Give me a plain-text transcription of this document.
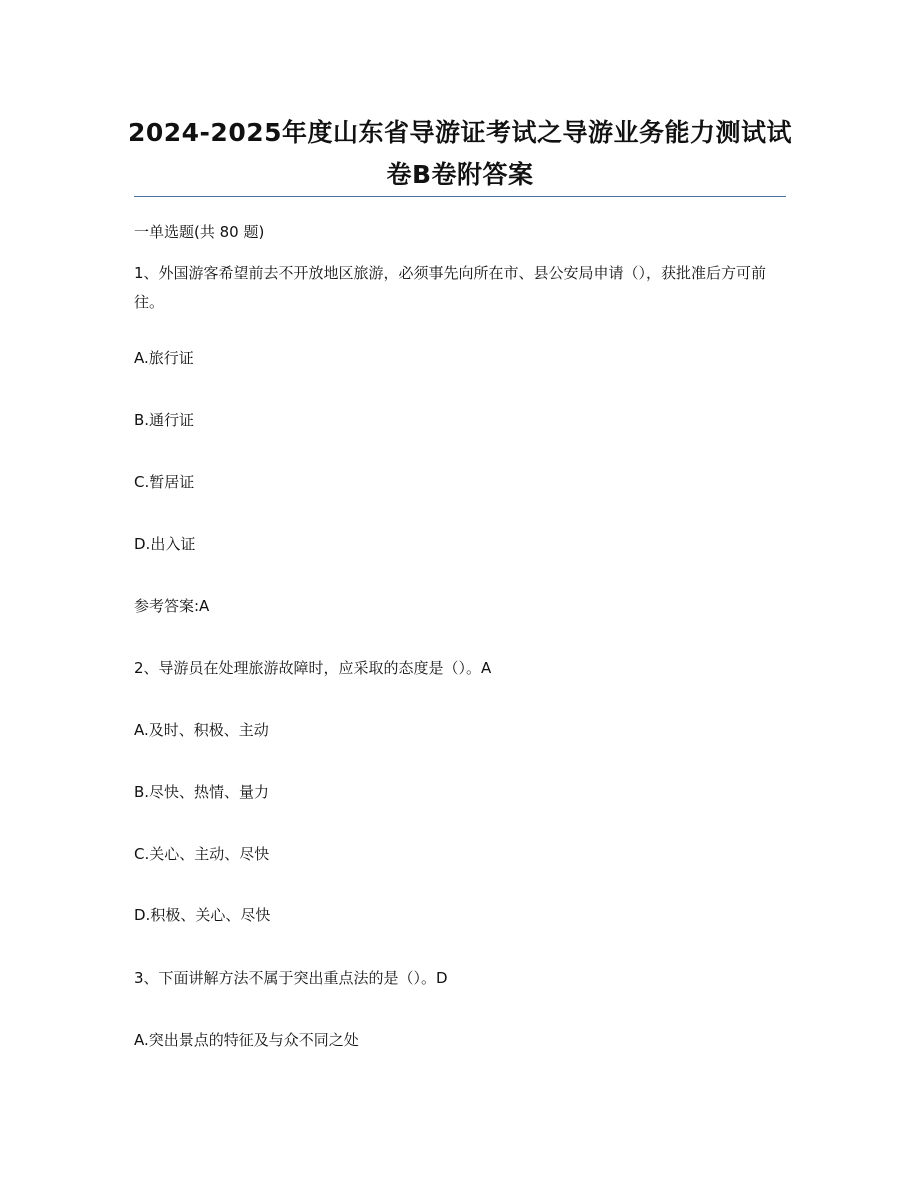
2024-2025年度山东省导游证考试之导游业务能力测试试卷B卷附答案

一单选题(共 80 题)

1、外国游客希望前去不开放地区旅游，必须事先向所在市、县公安局申请（），获批准后方可前往。

A.旅行证

B.通行证

C.暂居证

D.出入证

参考答案:A

2、导游员在处理旅游故障时，应采取的态度是（）。A

A.及时、积极、主动

B.尽快、热情、量力

C.关心、主动、尽快

D.积极、关心、尽快

3、下面讲解方法不属于突出重点法的是（）。D

A.突出景点的特征及与众不同之处
